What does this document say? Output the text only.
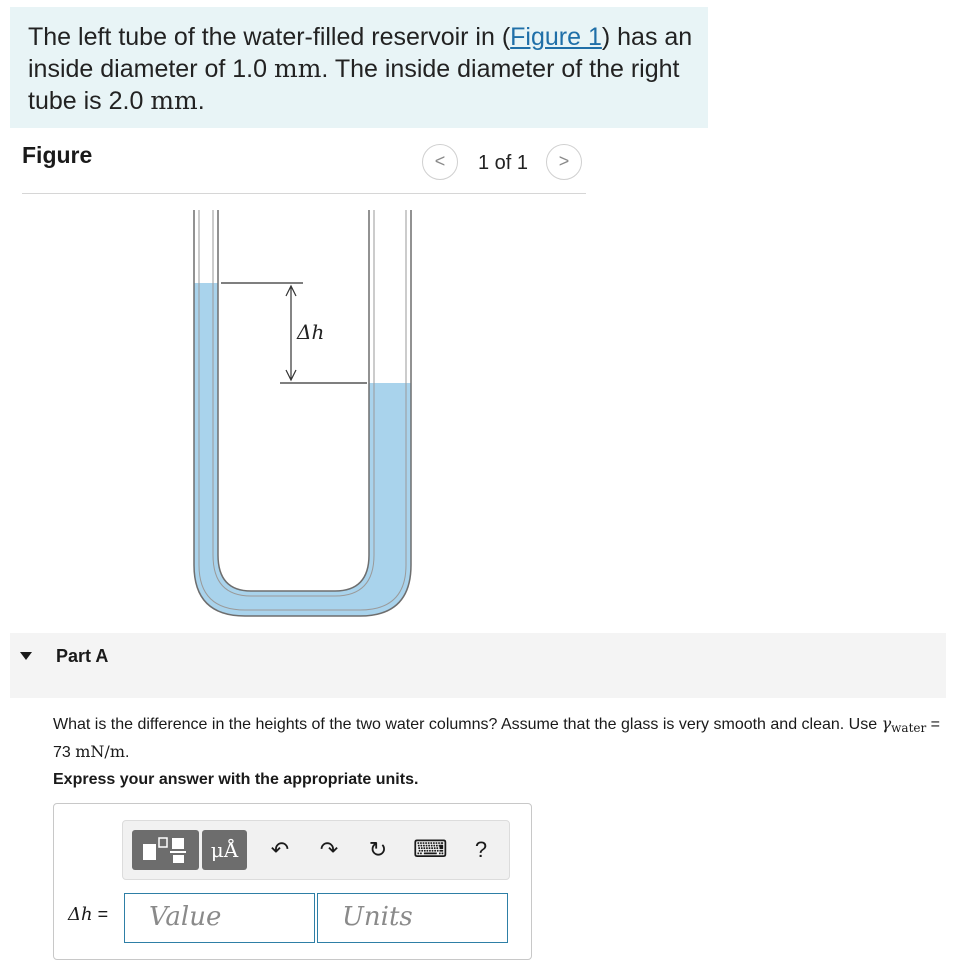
The left tube of the water-filled reservoir in (Figure 1) has an inside diameter of 1.0 mm. The inside diameter of the right tube is 2.0 mm.

Figure	<	1 of 1	>
Δh
Part A
What is the difference in the heights of the two water columns? Assume that the glass is very smooth and clean. Use $\gamma_{water} = 73$ mN/m.
Express your answer with the appropriate units.
μÅ	↶ ↷ ↻ ⌨	?
Δh =	Value	Units
